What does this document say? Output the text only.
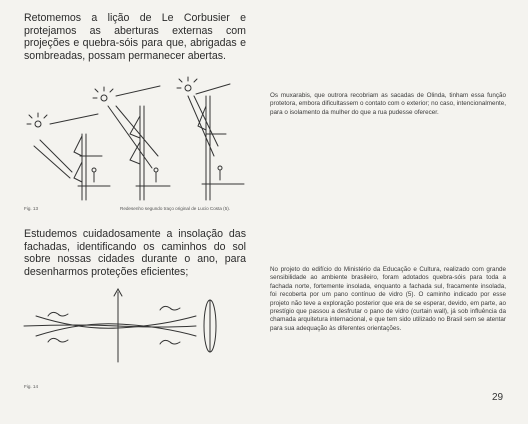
Retomemos a lição de Le Corbusier e protejamos as aberturas externas com projeções e quebra-sóis para que, abrigadas e sombreadas, possam permanecer abertas.
Fig. 13	Redesenho segundo traço original de Lucio Costa (5).
Estudemos cuidadosamente a insolação das fachadas, identificando os caminhos do sol sobre nossas cidades durante o ano, para desenharmos proteções eficientes;
Fig. 14
Os muxarabis, que outrora recobriam as sacadas de Olinda, tinham essa função protetora, embora dificultassem o contato com o exterior; no caso, intencionalmente, para o isolamento da mulher do que a rua pudesse oferecer.
No projeto do edifício do Ministério da Educação e Cultura, realizado com grande sensibilidade ao ambiente brasileiro, foram adotados quebra-sóis para toda a fachada norte, fortemente insolada, enquanto a fachada sul, fracamente insolada, foi recoberta por um pano contínuo de vidro (5). O caminho indicado por esse projeto não teve a exploração posterior que era de se esperar, devido, em parte, ao prestígio que passou a desfrutar o pano de vidro (curtain wall), já sob influência da chamada arquitetura internacional, e que tem sido utilizado no Brasil sem se atentar para sua adequação às diferentes orientações.
29
